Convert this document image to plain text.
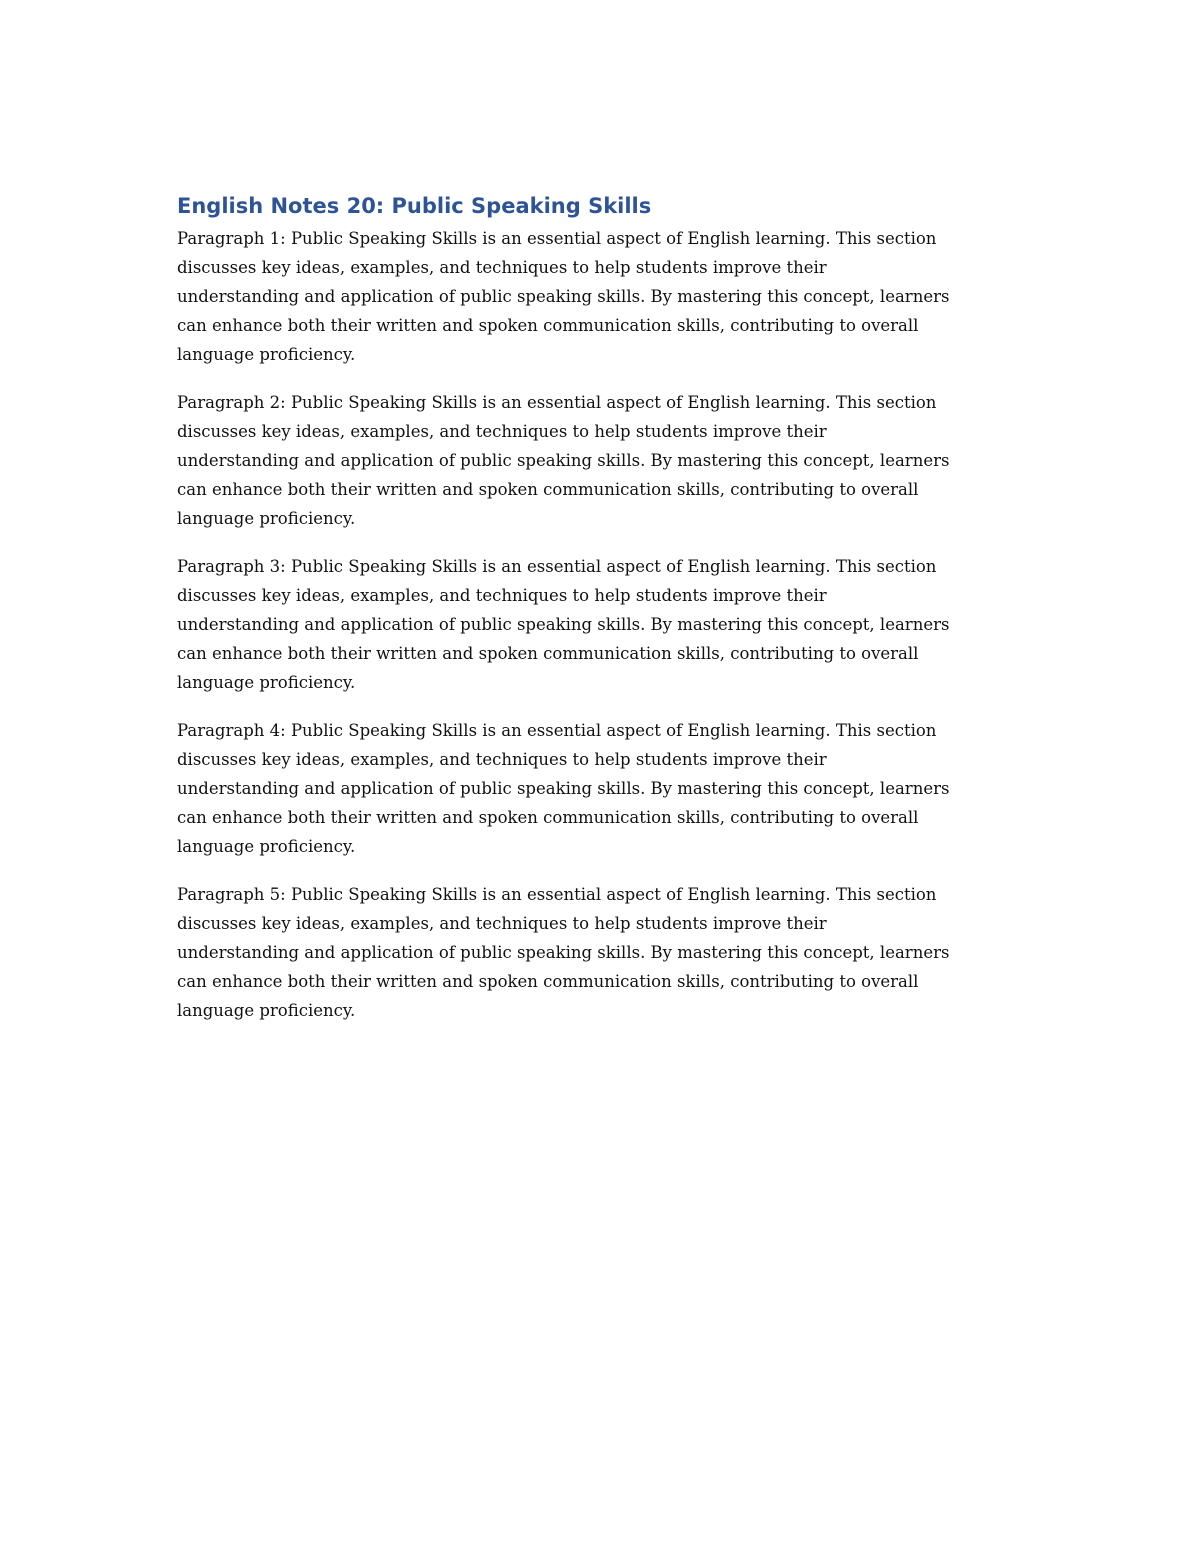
English Notes 20: Public Speaking Skills

Paragraph 1: Public Speaking Skills is an essential aspect of English learning. This section
discusses key ideas, examples, and techniques to help students improve their
understanding and application of public speaking skills. By mastering this concept, learners
can enhance both their written and spoken communication skills, contributing to overall
language proficiency.

Paragraph 2: Public Speaking Skills is an essential aspect of English learning. This section
discusses key ideas, examples, and techniques to help students improve their
understanding and application of public speaking skills. By mastering this concept, learners
can enhance both their written and spoken communication skills, contributing to overall
language proficiency.

Paragraph 3: Public Speaking Skills is an essential aspect of English learning. This section
discusses key ideas, examples, and techniques to help students improve their
understanding and application of public speaking skills. By mastering this concept, learners
can enhance both their written and spoken communication skills, contributing to overall
language proficiency.

Paragraph 4: Public Speaking Skills is an essential aspect of English learning. This section
discusses key ideas, examples, and techniques to help students improve their
understanding and application of public speaking skills. By mastering this concept, learners
can enhance both their written and spoken communication skills, contributing to overall
language proficiency.

Paragraph 5: Public Speaking Skills is an essential aspect of English learning. This section
discusses key ideas, examples, and techniques to help students improve their
understanding and application of public speaking skills. By mastering this concept, learners
can enhance both their written and spoken communication skills, contributing to overall
language proficiency.
